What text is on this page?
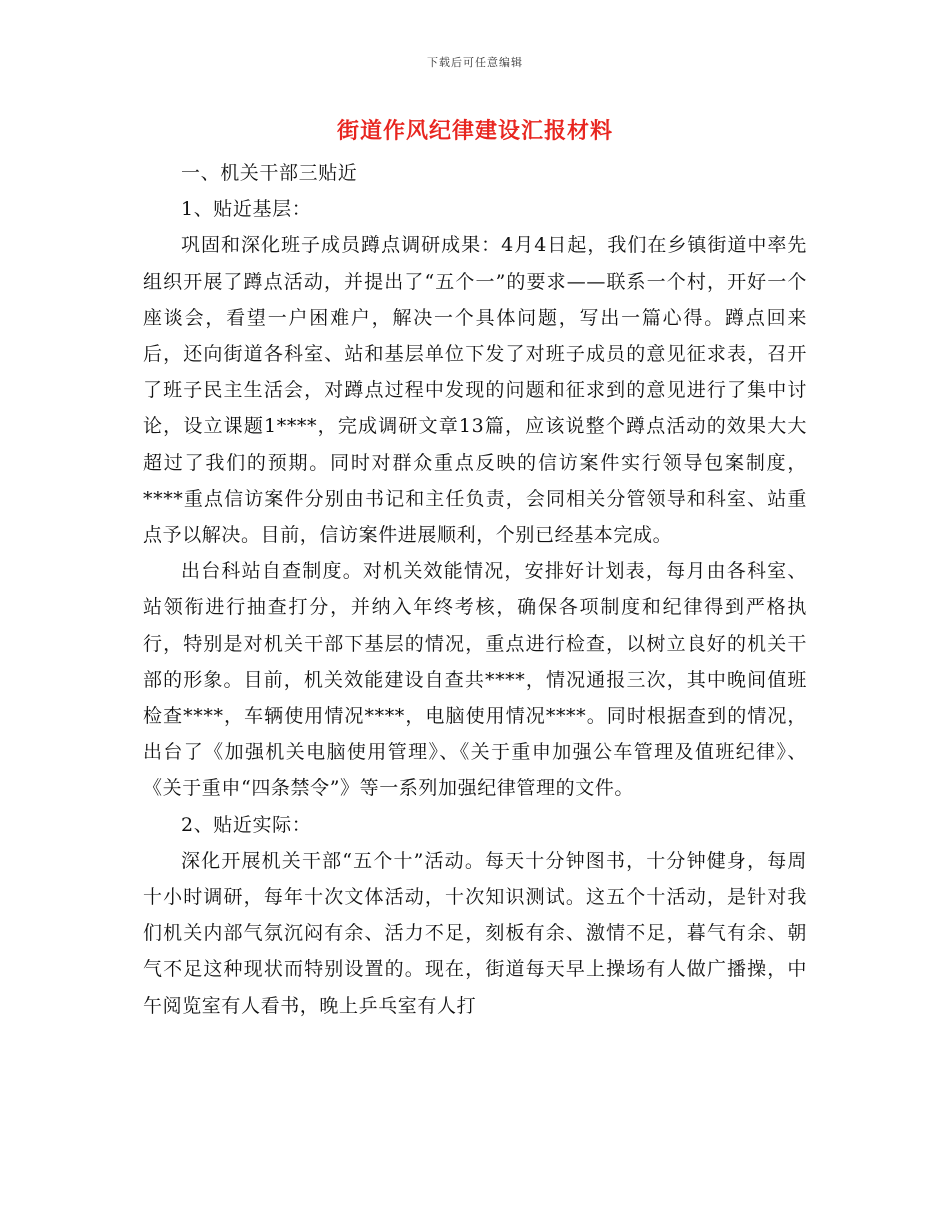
下载后可任意编辑
街道作风纪律建设汇报材料

一、机关干部三贴近

1、贴近基层：

巩固和深化班子成员蹲点调研成果：4月4日起，我们在乡镇街道中率先组织开展了蹲点活动，并提出了“五个一”的要求——联系一个村，开好一个座谈会，看望一户困难户，解决一个具体问题，写出一篇心得。蹲点回来后，还向街道各科室、站和基层单位下发了对班子成员的意见征求表，召开了班子民主生活会，对蹲点过程中发现的问题和征求到的意见进行了集中讨论，设立课题1****，完成调研文章13篇，应该说整个蹲点活动的效果大大超过了我们的预期。同时对群众重点反映的信访案件实行领导包案制度，****重点信访案件分别由书记和主任负责，会同相关分管领导和科室、站重点予以解决。目前，信访案件进展顺利，个别已经基本完成。

出台科站自查制度。对机关效能情况，安排好计划表，每月由各科室、站领衔进行抽查打分，并纳入年终考核，确保各项制度和纪律得到严格执行，特别是对机关干部下基层的情况，重点进行检查，以树立良好的机关干部的形象。目前，机关效能建设自查共****，情况通报三次，其中晚间值班检查****，车辆使用情况****，电脑使用情况****。同时根据查到的情况，出台了《加强机关电脑使用管理》、《关于重申加强公车管理及值班纪律》、《关于重申“四条禁令”》等一系列加强纪律管理的文件。

2、贴近实际：

深化开展机关干部“五个十”活动。每天十分钟图书，十分钟健身，每周十小时调研，每年十次文体活动，十次知识测试。这五个十活动，是针对我们机关内部气氛沉闷有余、活力不足，刻板有余、激情不足，暮气有余、朝气不足这种现状而特别设置的。现在，街道每天早上操场有人做广播操，中午阅览室有人看书，晚上乒乓室有人打
